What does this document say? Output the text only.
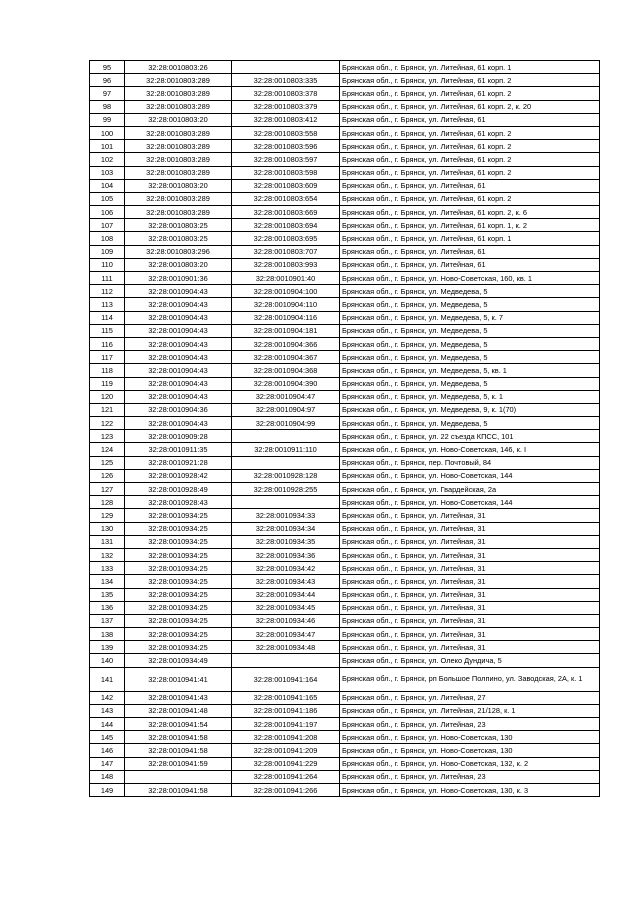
95	32:28:0010803:26		Брянская обл., г. Брянск, ул. Литейная, 61 корп. 1
96	32:28:0010803:289	32:28:0010803:335	Брянская обл., г. Брянск, ул. Литейная, 61 корп. 2
97	32:28:0010803:289	32:28:0010803:378	Брянская обл., г. Брянск, ул. Литейная, 61 корп. 2
98	32:28:0010803:289	32:28:0010803:379	Брянская обл., г. Брянск, ул. Литейная, 61 корп. 2, к. 20
99	32:28:0010803:20	32:28:0010803:412	Брянская обл., г. Брянск, ул. Литейная, 61
100	32:28:0010803:289	32:28:0010803:558	Брянская обл., г. Брянск, ул. Литейная, 61 корп. 2
101	32:28:0010803:289	32:28:0010803:596	Брянская обл., г. Брянск, ул. Литейная, 61 корп. 2
102	32:28:0010803:289	32:28:0010803:597	Брянская обл., г. Брянск, ул. Литейная, 61 корп. 2
103	32:28:0010803:289	32:28:0010803:598	Брянская обл., г. Брянск, ул. Литейная, 61 корп. 2
104	32:28:0010803:20	32:28:0010803:609	Брянская обл., г. Брянск, ул. Литейная, 61
105	32:28:0010803:289	32:28:0010803:654	Брянская обл., г. Брянск, ул. Литейная, 61 корп. 2
106	32:28:0010803:289	32:28:0010803:669	Брянская обл., г. Брянск, ул. Литейная, 61 корп. 2, к. 6
107	32:28:0010803:25	32:28:0010803:694	Брянская обл., г. Брянск, ул. Литейная, 61 корп. 1, к. 2
108	32:28:0010803:25	32:28:0010803:695	Брянская обл., г. Брянск, ул. Литейная, 61 корп. 1
109	32:28:0010803:296	32:28:0010803:707	Брянская обл., г. Брянск, ул. Литейная, 61
110	32:28:0010803:20	32:28:0010803:993	Брянская обл., г. Брянск, ул. Литейная, 61
111	32:28:0010901:36	32:28:0010901:40	Брянская обл., г. Брянск, ул. Ново-Советская, 160, кв. 1
112	32:28:0010904:43	32:28:0010904:100	Брянская обл., г. Брянск, ул. Медведева, 5
113	32:28:0010904:43	32:28:0010904:110	Брянская обл., г. Брянск, ул. Медведева, 5
114	32:28:0010904:43	32:28:0010904:116	Брянская обл., г. Брянск, ул. Медведева, 5, к. 7
115	32:28:0010904:43	32:28:0010904:181	Брянская обл., г. Брянск, ул. Медведева, 5
116	32:28:0010904:43	32:28:0010904:366	Брянская обл., г. Брянск, ул. Медведева, 5
117	32:28:0010904:43	32:28:0010904:367	Брянская обл., г. Брянск, ул. Медведева, 5
118	32:28:0010904:43	32:28:0010904:368	Брянская обл., г. Брянск, ул. Медведева, 5, кв. 1
119	32:28:0010904:43	32:28:0010904:390	Брянская обл., г. Брянск, ул. Медведева, 5
120	32:28:0010904:43	32:28:0010904:47	Брянская обл., г. Брянск, ул. Медведева, 5, к. 1
121	32:28:0010904:36	32:28:0010904:97	Брянская обл., г. Брянск, ул. Медведева, 9, к. 1(70)
122	32:28:0010904:43	32:28:0010904:99	Брянская обл., г. Брянск, ул. Медведева, 5
123	32:28:0010909:28		Брянская обл., г. Брянск, ул. 22 съезда КПСС, 101
124	32:28:0010911:35	32:28:0010911:110	Брянская обл., г. Брянск, ул. Ново-Советская, 146, к. I
125	32:28:0010921:28		Брянская обл., г. Брянск, пер. Почтовый, 84
126	32:28:0010928:42	32:28:0010928:128	Брянская обл., г. Брянск, ул. Ново-Советская, 144
127	32:28:0010928:49	32:28:0010928:255	Брянская обл., г. Брянск, ул. Гвардейская, 2а
128	32:28:0010928:43		Брянская обл., г. Брянск, ул. Ново-Советская, 144
129	32:28:0010934:25	32:28:0010934:33	Брянская обл., г. Брянск, ул. Литейная, 31
130	32:28:0010934:25	32:28:0010934:34	Брянская обл., г. Брянск, ул. Литейная, 31
131	32:28:0010934:25	32:28:0010934:35	Брянская обл., г. Брянск, ул. Литейная, 31
132	32:28:0010934:25	32:28:0010934:36	Брянская обл., г. Брянск, ул. Литейная, 31
133	32:28:0010934:25	32:28:0010934:42	Брянская обл., г. Брянск, ул. Литейная, 31
134	32:28:0010934:25	32:28:0010934:43	Брянская обл., г. Брянск, ул. Литейная, 31
135	32:28:0010934:25	32:28:0010934:44	Брянская обл., г. Брянск, ул. Литейная, 31
136	32:28:0010934:25	32:28:0010934:45	Брянская обл., г. Брянск, ул. Литейная, 31
137	32:28:0010934:25	32:28:0010934:46	Брянская обл., г. Брянск, ул. Литейная, 31
138	32:28:0010934:25	32:28:0010934:47	Брянская обл., г. Брянск, ул. Литейная, 31
139	32:28:0010934:25	32:28:0010934:48	Брянская обл., г. Брянск, ул. Литейная, 31
140	32:28:0010934:49		Брянская обл., г. Брянск, ул. Олеко Дундича, 5
141	32:28:0010941:41	32:28:0010941:164	Брянская обл., г. Брянск, рп Большое Полпино, ул. Заводская, 2А, к. 1
142	32:28:0010941:43	32:28:0010941:165	Брянская обл., г. Брянск, ул. Литейная, 27
143	32:28:0010941:48	32:28:0010941:186	Брянская обл., г. Брянск, ул. Литейная, 21/128, к. 1
144	32:28:0010941:54	32:28:0010941:197	Брянская обл., г. Брянск, ул. Литейная, 23
145	32:28:0010941:58	32:28:0010941:208	Брянская обл., г. Брянск, ул. Ново-Советская, 130
146	32:28:0010941:58	32:28:0010941:209	Брянская обл., г. Брянск, ул. Ново-Советская, 130
147	32:28:0010941:59	32:28:0010941:229	Брянская обл., г. Брянск, ул. Ново-Советская, 132, к. 2
148		32:28:0010941:264	Брянская обл., г. Брянск, ул. Литейная, 23
149	32:28:0010941:58	32:28:0010941:266	Брянская обл., г. Брянск, ул. Ново-Советская, 130, к. 3
